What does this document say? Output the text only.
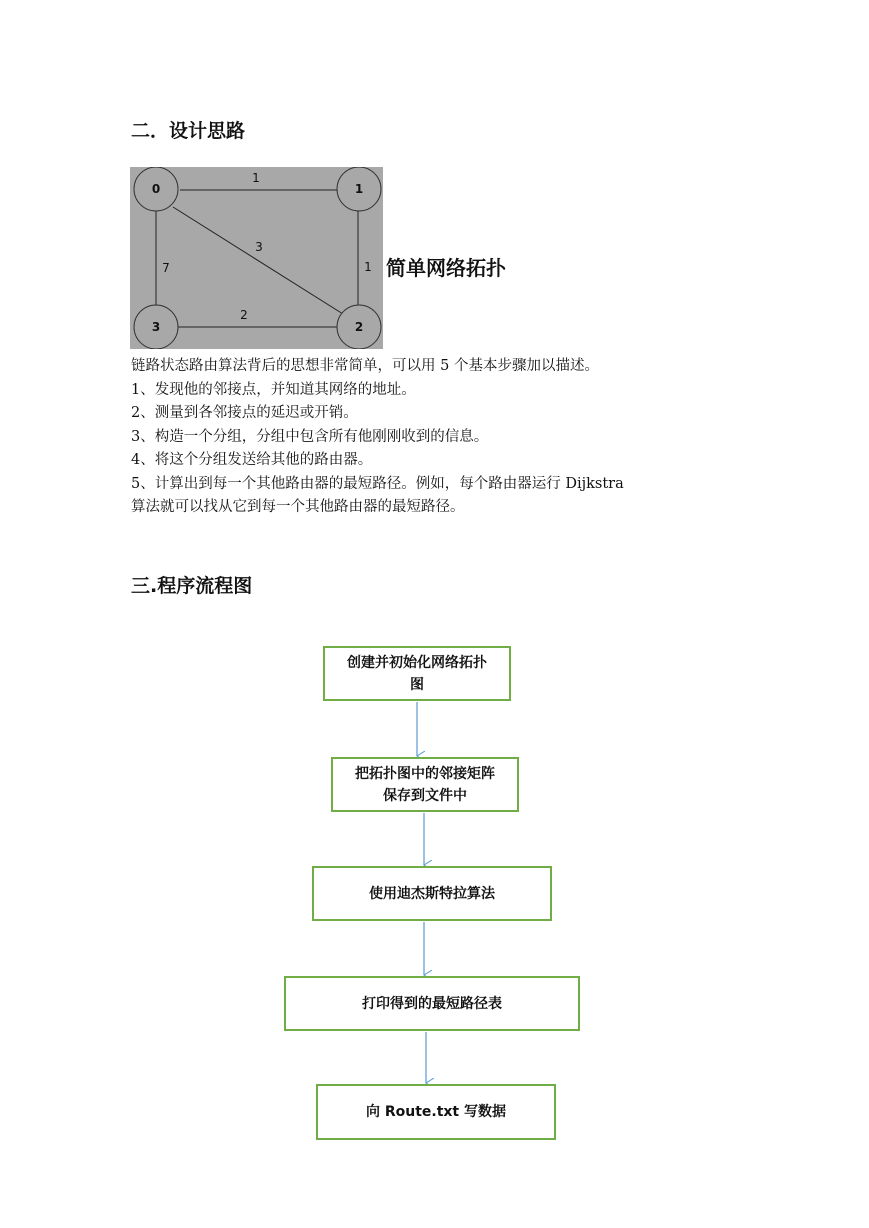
二．设计思路
0	1
2
3
1
1
3
7
2
简单网络拓扑
链路状态路由算法背后的思想非常简单，可以用 5 个基本步骤加以描述。
1、发现他的邻接点，并知道其网络的地址。
2、测量到各邻接点的延迟或开销。
3、构造一个分组，分组中包含所有他刚刚收到的信息。
4、将这个分组发送给其他的路由器。
5、计算出到每一个其他路由器的最短路径。例如，每个路由器运行 Dijkstra
算法就可以找从它到每一个其他路由器的最短路径。
三.程序流程图
创建并初始化网络拓扑
图
把拓扑图中的邻接矩阵
保存到文件中
使用迪杰斯特拉算法
打印得到的最短路径表
向 Route.txt 写数据
